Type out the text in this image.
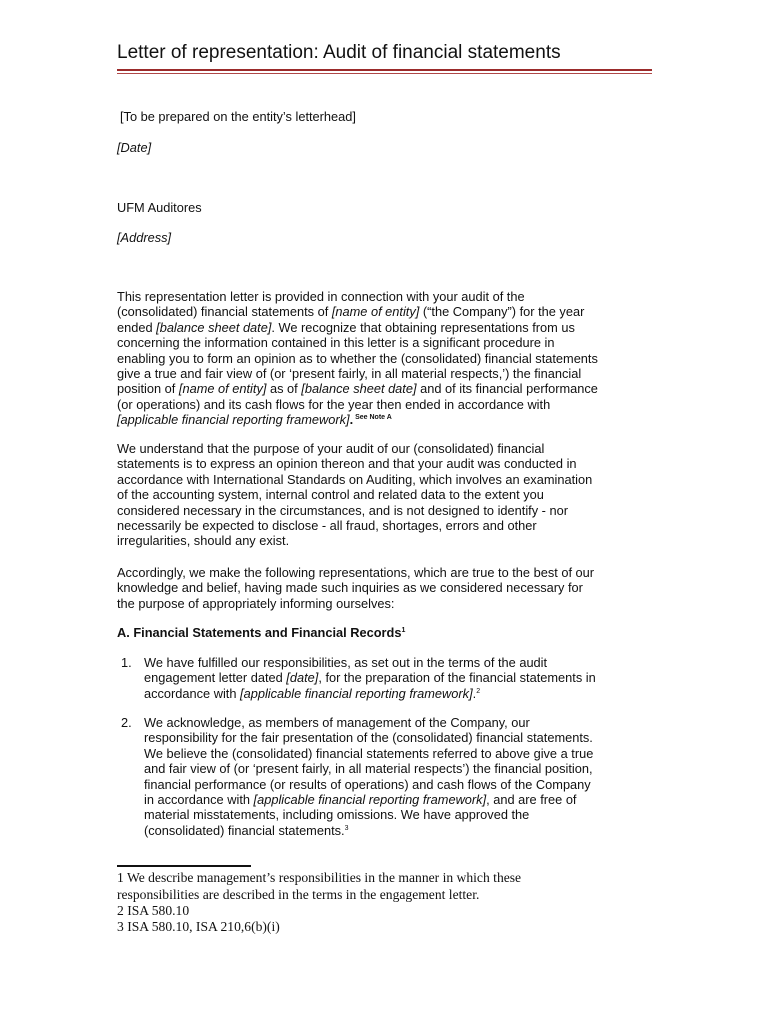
Letter of representation: Audit of financial statements
[To be prepared on the entity’s letterhead]
[Date]
UFM Auditores
[Address]

This representation letter is provided in connection with your audit of the

(consolidated) financial statements of [name of entity] (“the Company”) for the year

ended [balance sheet date]. We recognize that obtaining representations from us

concerning the information contained in this letter is a significant procedure in

enabling you to form an opinion as to whether the (consolidated) financial statements

give a true and fair view of (or ‘present fairly, in all material respects,’) the financial

position of [name of entity] as of [balance sheet date] and of its financial performance

(or operations) and its cash flows for the year then ended in accordance with

[applicable financial reporting framework]. $^{See Note A}$

We understand that the purpose of your audit of our (consolidated) financial

statements is to express an opinion thereon and that your audit was conducted in

accordance with International Standards on Auditing, which involves an examination

of the accounting system, internal control and related data to the extent you

considered necessary in the circumstances, and is not designed to identify - nor

necessarily be expected to disclose - all fraud, shortages, errors and other

irregularities, should any exist.

Accordingly, we make the following representations, which are true to the best of our

knowledge and belief, having made such inquiries as we considered necessary for

the purpose of appropriately informing ourselves:

A. Financial Statements and Financial Records$^1$
1. We have fulfilled our responsibilities, as set out in the terms of the audit

engagement letter dated [date], for the preparation of the financial statements in

accordance with [applicable financial reporting framework].$^2$

2. We acknowledge, as members of management of the Company, our

responsibility for the fair presentation of the (consolidated) financial statements.

We believe the (consolidated) financial statements referred to above give a true

and fair view of (or ‘present fairly, in all material respects’) the financial position,

financial performance (or results of operations) and cash flows of the Company

in accordance with [applicable financial reporting framework], and are free of

material misstatements, including omissions. We have approved the

(consolidated) financial statements.$^3$

1 We describe management’s responsibilities in the manner in which these
responsibilities are described in the terms in the engagement letter.
2 ISA 580.10
3 ISA 580.10, ISA 210,6(b)(i)
